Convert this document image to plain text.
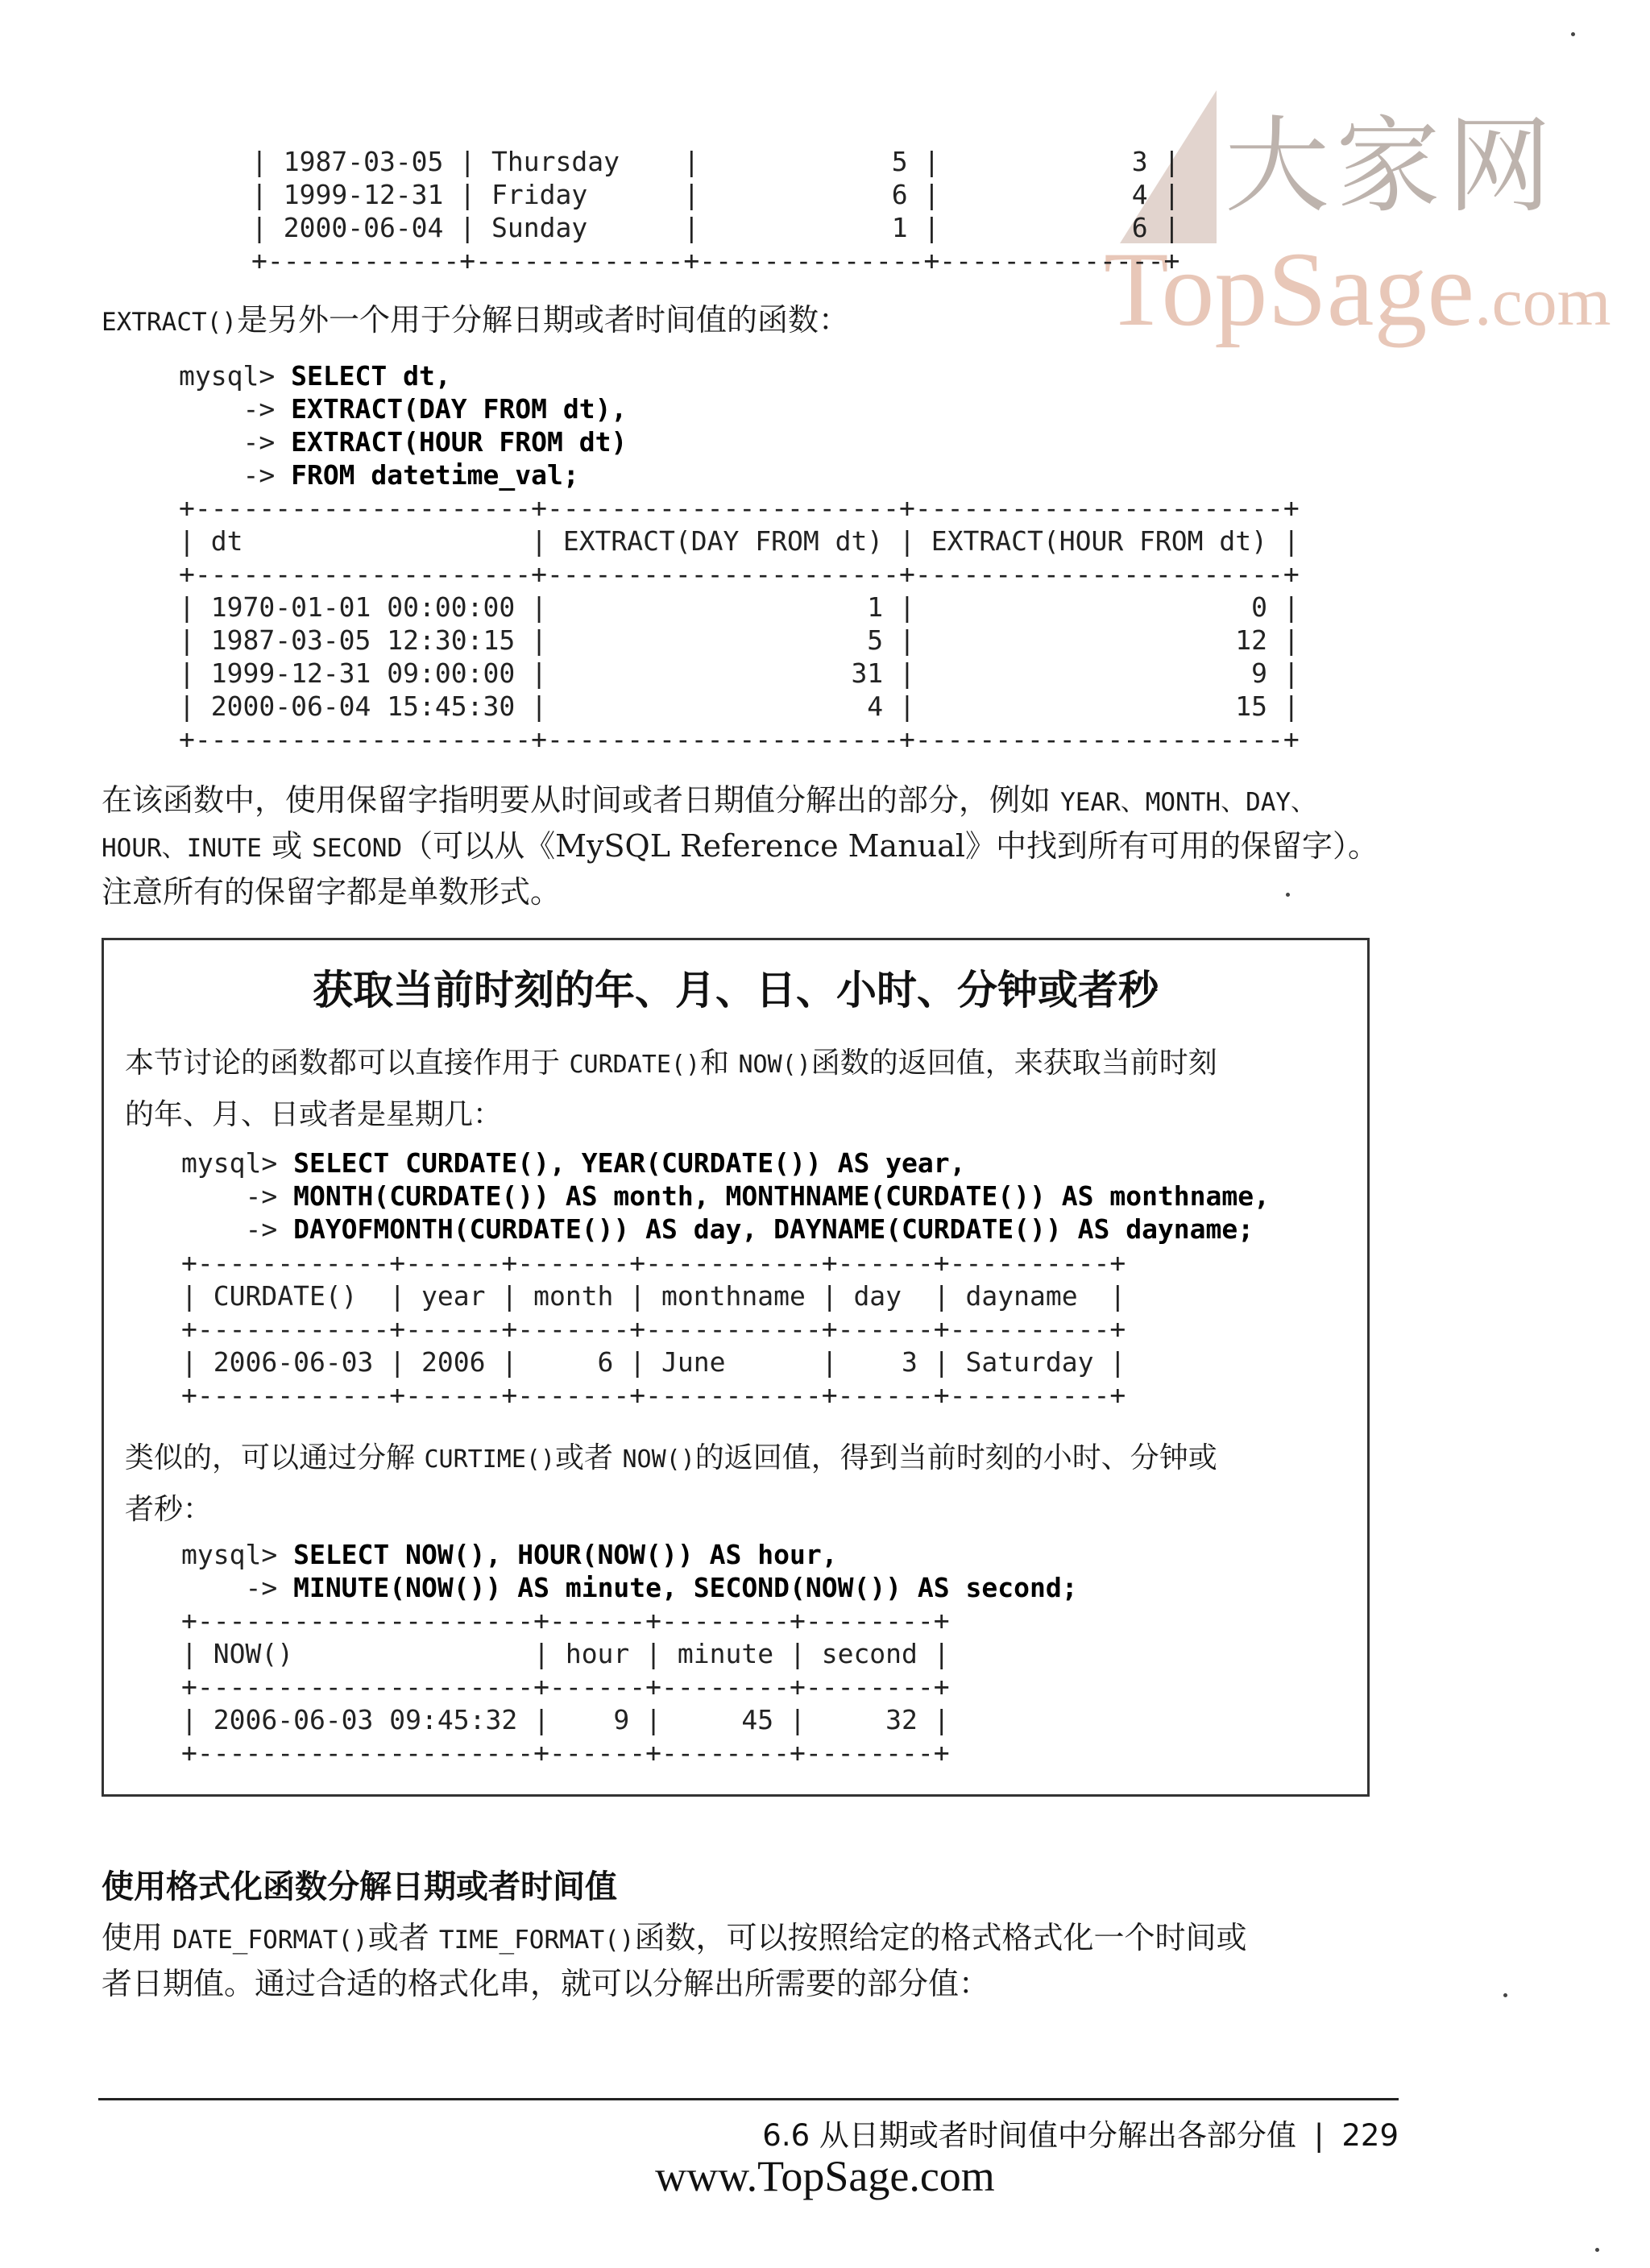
大家网
TopSage.com
| 1987-03-05 | Thursday    |            5 |            3 |
| 1999-12-31 | Friday      |            6 |            4 |
| 2000-06-04 | Sunday      |            1 |            6 |
+------------+-------------+--------------+--------------+
EXTRACT()是另外一个用于分解日期或者时间值的函数：
mysql> SELECT dt,
-> EXTRACT(DAY FROM dt),
-> EXTRACT(HOUR FROM dt)
-> FROM datetime_val;
+---------------------+----------------------+-----------------------+
| dt                  | EXTRACT(DAY FROM dt) | EXTRACT(HOUR FROM dt) |
+---------------------+----------------------+-----------------------+
| 1970-01-01 00:00:00 |                    1 |                     0 |
| 1987-03-05 12:30:15 |                    5 |                    12 |
| 1999-12-31 09:00:00 |                   31 |                     9 |
| 2000-06-04 15:45:30 |                    4 |                    15 |
+---------------------+----------------------+-----------------------+
在该函数中，使用保留字指明要从时间或者日期值分解出的部分，例如 YEAR、MONTH、DAY、
HOUR、INUTE 或 SECOND（可以从《MySQL Reference Manual》中找到所有可用的保留字）。
注意所有的保留字都是单数形式。
获取当前时刻的年、月、日、小时、分钟或者秒
本节讨论的函数都可以直接作用于 CURDATE()和 NOW()函数的返回值，来获取当前时刻
的年、月、日或者是星期几：
mysql> SELECT CURDATE(), YEAR(CURDATE()) AS year,
-> MONTH(CURDATE()) AS month, MONTHNAME(CURDATE()) AS monthname,
-> DAYOFMONTH(CURDATE()) AS day, DAYNAME(CURDATE()) AS dayname;
+------------+------+-------+-----------+------+----------+
| CURDATE()  | year | month | monthname | day  | dayname  |
+------------+------+-------+-----------+------+----------+
| 2006-06-03 | 2006 |     6 | June      |    3 | Saturday |
+------------+------+-------+-----------+------+----------+
类似的，可以通过分解 CURTIME()或者 NOW()的返回值，得到当前时刻的小时、分钟或
者秒：
mysql> SELECT NOW(), HOUR(NOW()) AS hour,
-> MINUTE(NOW()) AS minute, SECOND(NOW()) AS second;
+---------------------+------+--------+--------+
| NOW()               | hour | minute | second |
+---------------------+------+--------+--------+
| 2006-06-03 09:45:32 |    9 |     45 |     32 |
+---------------------+------+--------+--------+
使用格式化函数分解日期或者时间值
使用 DATE_FORMAT()或者 TIME_FORMAT()函数，可以按照给定的格式格式化一个时间或
者日期值。通过合适的格式化串，就可以分解出所需要的部分值：
6.6 从日期或者时间值中分解出各部分值 | 229
www.TopSage.com
